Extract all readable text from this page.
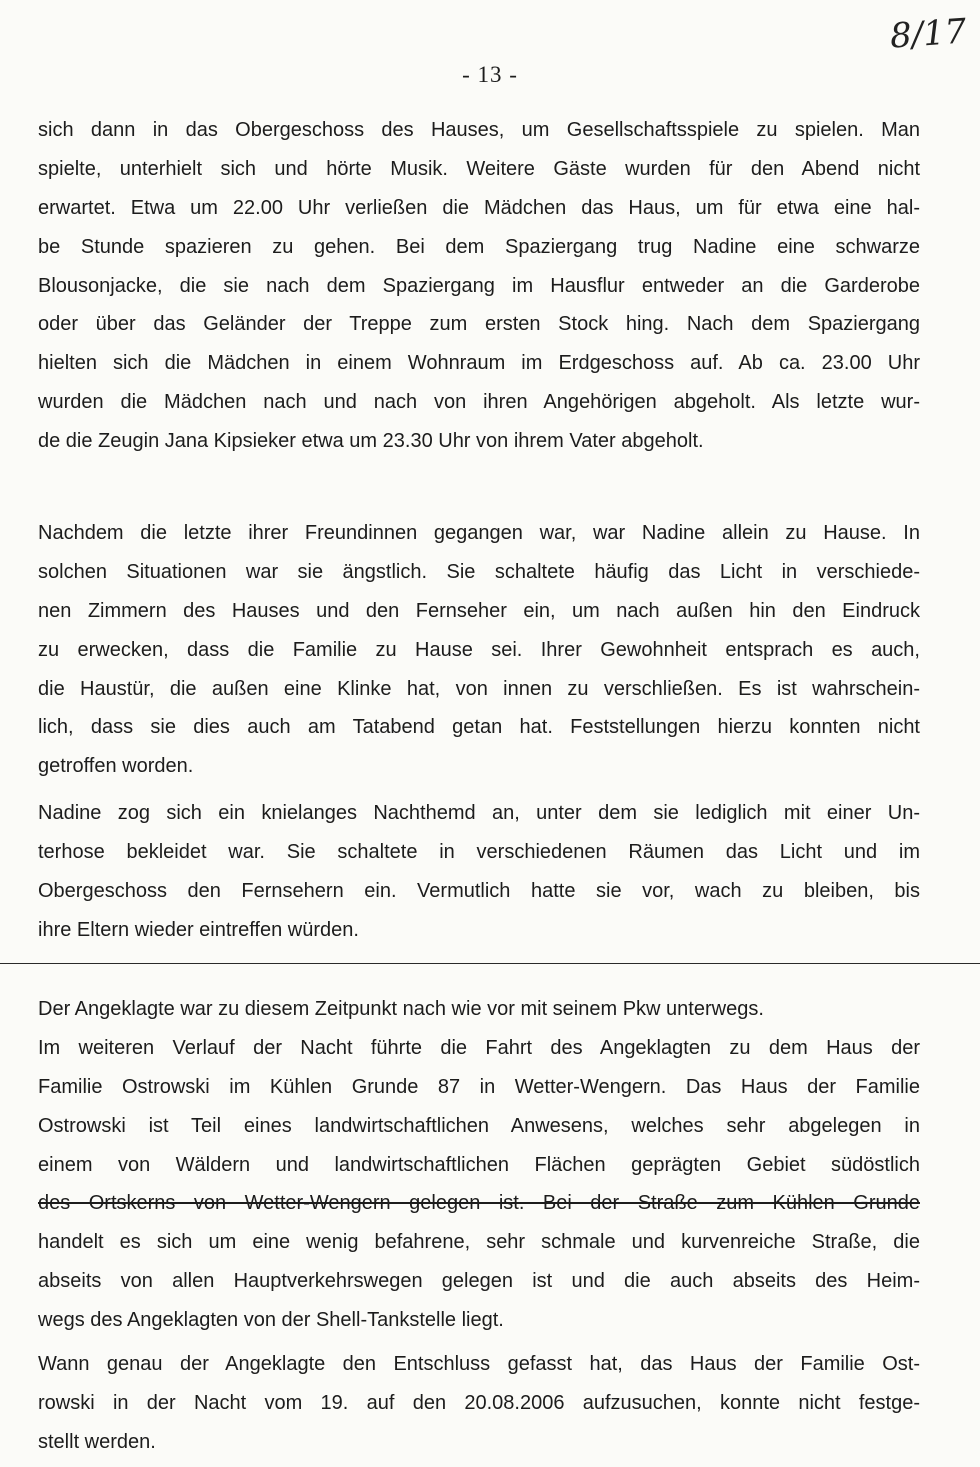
- 13 -
8/17
sich dann in das Obergeschoss des Hauses, um Gesellschaftsspiele zu spielen. Man
spielte, unterhielt sich und hörte Musik. Weitere Gäste wurden für den Abend nicht
erwartet. Etwa um 22.00 Uhr verließen die Mädchen das Haus, um für etwa eine hal-
be Stunde spazieren zu gehen. Bei dem Spaziergang trug Nadine eine schwarze
Blousonjacke, die sie nach dem Spaziergang im Hausflur entweder an die Garderobe
oder über das Geländer der Treppe zum ersten Stock hing. Nach dem Spaziergang
hielten sich die Mädchen in einem Wohnraum im Erdgeschoss auf. Ab ca. 23.00 Uhr
wurden die Mädchen nach und nach von ihren Angehörigen abgeholt. Als letzte wur-
de die Zeugin Jana Kipsieker etwa um 23.30 Uhr von ihrem Vater abgeholt.
Nachdem die letzte ihrer Freundinnen gegangen war, war Nadine allein zu Hause. In
solchen Situationen war sie ängstlich. Sie schaltete häufig das Licht in verschiede-
nen Zimmern des Hauses und den Fernseher ein, um nach außen hin den Eindruck
zu erwecken, dass die Familie zu Hause sei. Ihrer Gewohnheit entsprach es auch,
die Haustür, die außen eine Klinke hat, von innen zu verschließen. Es ist wahrschein-
lich, dass sie dies auch am Tatabend getan hat. Feststellungen hierzu konnten nicht
getroffen worden.
Nadine zog sich ein knielanges Nachthemd an, unter dem sie lediglich mit einer Un-
terhose bekleidet war. Sie schaltete in verschiedenen Räumen das Licht und im
Obergeschoss den Fernsehern ein. Vermutlich hatte sie vor, wach zu bleiben, bis
ihre Eltern wieder eintreffen würden.
Der Angeklagte war zu diesem Zeitpunkt nach wie vor mit seinem Pkw unterwegs.
Im weiteren Verlauf der Nacht führte die Fahrt des Angeklagten zu dem Haus der
Familie Ostrowski im Kühlen Grunde 87 in Wetter-Wengern. Das Haus der Familie
Ostrowski ist Teil eines landwirtschaftlichen Anwesens, welches sehr abgelegen in
einem von Wäldern und landwirtschaftlichen Flächen geprägten Gebiet südöstlich
des Ortskerns von Wetter-Wengern gelegen ist. Bei der Straße zum Kühlen Grunde
handelt es sich um eine wenig befahrene, sehr schmale und kurvenreiche Straße, die
abseits von allen Hauptverkehrswegen gelegen ist und die auch abseits des Heim-
wegs des Angeklagten von der Shell-Tankstelle liegt.
Wann genau der Angeklagte den Entschluss gefasst hat, das Haus der Familie Ost-
rowski in der Nacht vom 19. auf den 20.08.2006 aufzusuchen, konnte nicht festge-
stellt werden.
